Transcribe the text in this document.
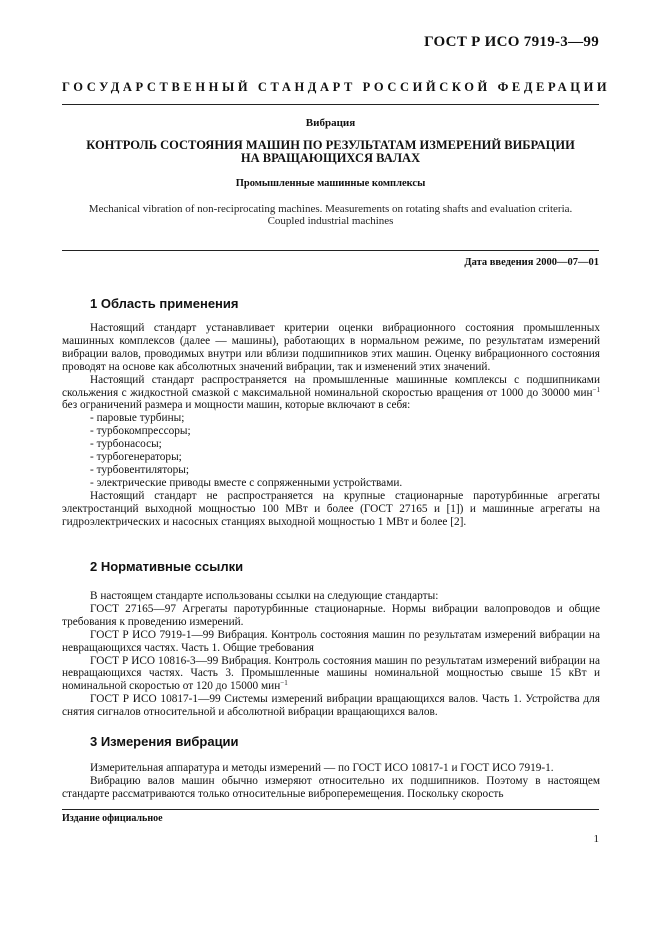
ГОСТ Р ИСО 7919-3—99
ГОСУДАРСТВЕННЫЙ СТАНДАРТ РОССИЙСКОЙ ФЕДЕРАЦИИ
Вибрация
КОНТРОЛЬ СОСТОЯНИЯ МАШИН ПО РЕЗУЛЬТАТАМ ИЗМЕРЕНИЙ ВИБРАЦИИ
НА ВРАЩАЮЩИХСЯ ВАЛАХ
Промышленные машинные комплексы
Mechanical vibration of non-reciprocating machines. Measurements on rotating shafts and evaluation criteria.
Coupled industrial machines
Дата введения 2000—07—01
1 Область применения

Настоящий стандарт устанавливает критерии оценки вибрационного состояния промышленных машинных комплексов (далее — машины), работающих в нормальном режиме, по результатам измерений вибрации валов, проводимых внутри или вблизи подшипников этих машин. Оценку вибрационного состояния проводят на основе как абсолютных значений вибрации, так и изменений этих значений.

Настоящий стандарт распространяется на промышленные машинные комплексы с подшипниками скольжения с жидкостной смазкой с максимальной номинальной скоростью вращения от 1000 до 30000 мин$^{-1}$ без ограничений размера и мощности машин, которые включают в себя:

- паровые турбины;
- турбокомпрессоры;
- турбонасосы;
- турбогенераторы;
- турбовентиляторы;
- электрические приводы вместе с сопряженными устройствами.

Настоящий стандарт не распространяется на крупные стационарные паротурбинные агрегаты электростанций выходной мощностью 100 МВт и более (ГОСТ 27165 и [1]) и машинные агрегаты на гидроэлектрических и насосных станциях выходной мощностью 1 МВт и более [2].

2 Нормативные ссылки

В настоящем стандарте использованы ссылки на следующие стандарты:

ГОСТ 27165—97 Агрегаты паротурбинные стационарные. Нормы вибрации валопроводов и общие требования к проведению измерений.

ГОСТ Р ИСО 7919-1—99 Вибрация. Контроль состояния машин по результатам измерений вибрации на невращающихся частях. Часть 1. Общие требования

ГОСТ Р ИСО 10816-3—99 Вибрация. Контроль состояния машин по результатам измерений вибрации на невращающихся частях. Часть 3. Промышленные машины номинальной мощностью свыше 15 кВт и номинальной скоростью от 120 до 15000 мин$^{-1}$

ГОСТ Р ИСО 10817-1—99 Системы измерений вибрации вращающихся валов. Часть 1. Устройства для снятия сигналов относительной и абсолютной вибрации вращающихся валов.

3 Измерения вибрации

Измерительная аппаратура и методы измерений — по ГОСТ ИСО 10817-1 и ГОСТ ИСО 7919-1.

Вибрацию валов машин обычно измеряют относительно их подшипников. Поэтому в настоящем стандарте рассматриваются только относительные виброперемещения. Поскольку скорость

Издание официальное
1
